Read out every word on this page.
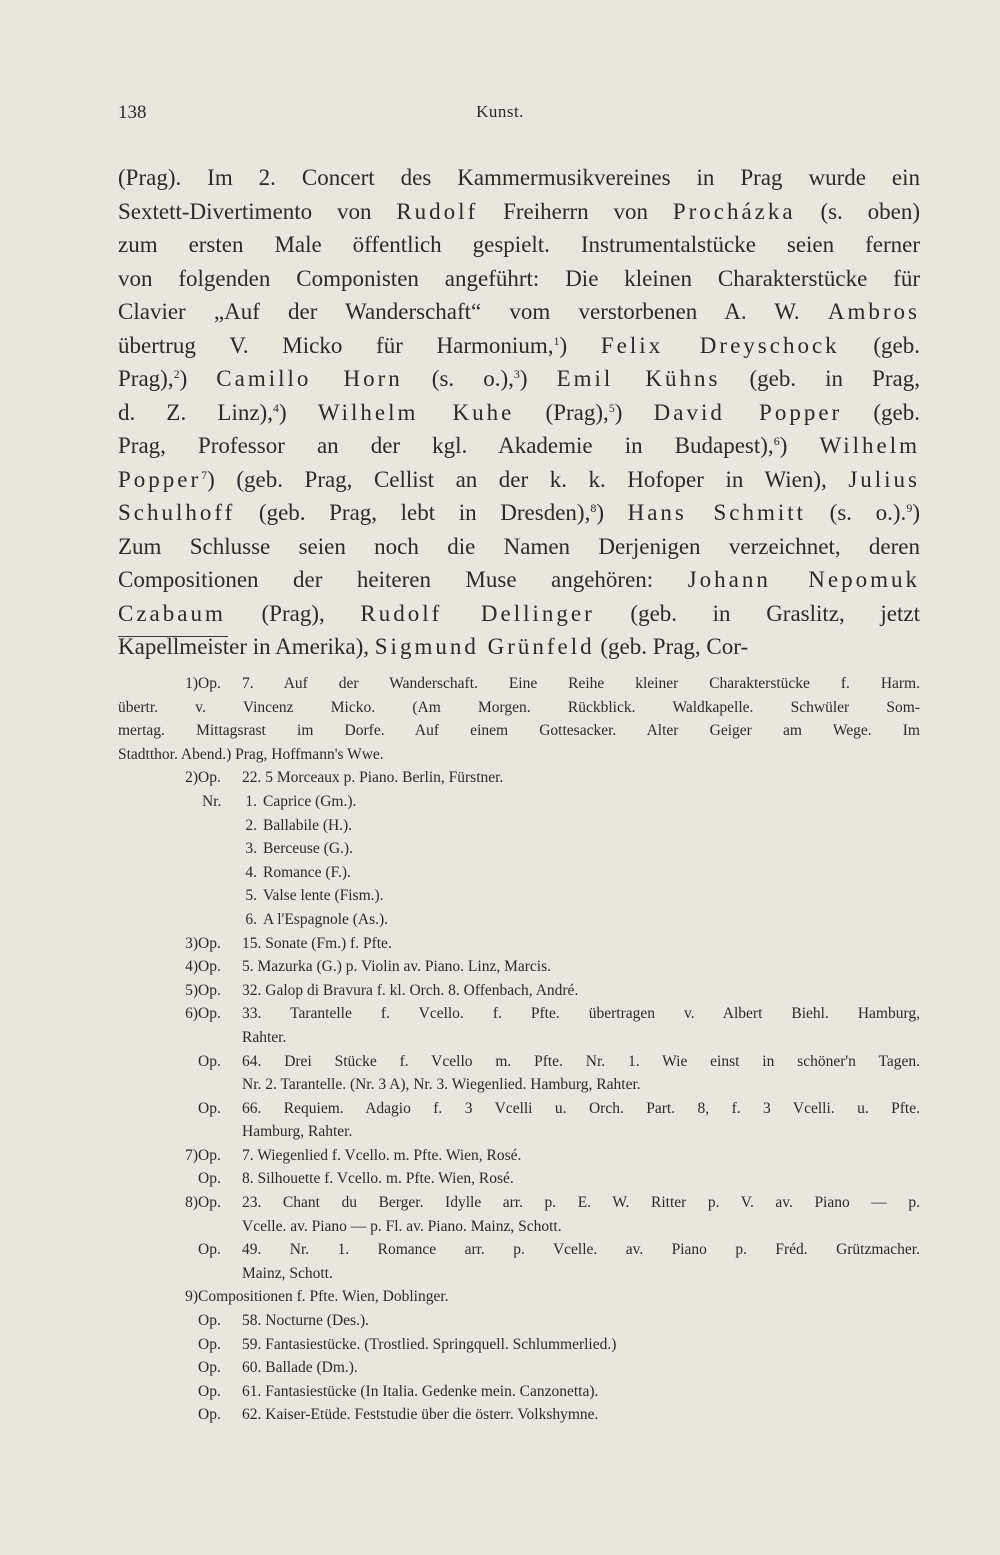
138	Kunst.
(Prag). Im 2. Concert des Kammermusikvereines in Prag wurde ein
Sextett-Divertimento von Rudolf Freiherrn von Procházka (s. oben)
zum ersten Male öffentlich gespielt. Instrumentalstücke seien ferner
von folgenden Componisten angeführt: Die kleinen Charakterstücke für
Clavier „Auf der Wanderschaft“ vom verstorbenen A. W. Ambros
übertrug V. Micko für Harmonium,$^1$) Felix Dreyschock (geb.
Prag),$^2$) Camillo Horn (s. o.),$^3$) Emil Kühns (geb. in Prag,
d. Z. Linz),$^4$) Wilhelm Kuhe (Prag),$^5$) David Popper (geb.
Prag, Professor an der kgl. Akademie in Budapest),$^6$) Wilhelm
Popper$^7$) (geb. Prag, Cellist an der k. k. Hofoper in Wien), Julius
Schulhoff (geb. Prag, lebt in Dresden),$^8$) Hans Schmitt (s. o.).$^9$)
Zum Schlusse seien noch die Namen Derjenigen verzeichnet, deren
Compositionen der heiteren Muse angehören: Johann Nepomuk
Czabaum (Prag), Rudolf Dellinger (geb. in Graslitz, jetzt
Kapellmeister in Amerika), Sigmund Grünfeld (geb. Prag, Cor-
1) Op. 7. Auf der Wanderschaft. Eine Reihe kleiner Charakterstücke f. Harm.
übertr. v. Vincenz Micko. (Am Morgen. Rückblick. Waldkapelle. Schwüler Som-
mertag. Mittagsrast im Dorfe. Auf einem Gottesacker. Alter Geiger am Wege. Im
Stadtthor. Abend.) Prag, Hoffmann's Wwe.
2) Op. 22. 5 Morceaux p. Piano. Berlin, Fürstner.
Nr.	1. Caprice (Gm.).
2. Ballabile (H.).
3. Berceuse (G.).
4. Romance (F.).
5. Valse lente (Fism.).
6. A l'Espagnole (As.).
3) Op. 15. Sonate (Fm.) f. Pfte.
4) Op. 5. Mazurka (G.) p. Violin av. Piano. Linz, Marcis.
5) Op. 32. Galop di Bravura f. kl. Orch. 8. Offenbach, André.
6) Op. 33. Tarantelle f. Vcello. f. Pfte. übertragen v. Albert Biehl. Hamburg,
Rahter.
Op. 64. Drei Stücke f. Vcello m. Pfte. Nr. 1. Wie einst in schöner'n Tagen.
Nr. 2. Tarantelle. (Nr. 3 A), Nr. 3. Wiegenlied. Hamburg, Rahter.
Op. 66. Requiem. Adagio f. 3 Vcelli u. Orch. Part. 8, f. 3 Vcelli. u. Pfte.
Hamburg, Rahter.
7) Op. 7. Wiegenlied f. Vcello. m. Pfte. Wien, Rosé.
Op. 8. Silhouette f. Vcello. m. Pfte. Wien, Rosé.
8) Op. 23. Chant du Berger. Idylle arr. p. E. W. Ritter p. V. av. Piano — p.
Vcelle. av. Piano — p. Fl. av. Piano. Mainz, Schott.
Op. 49. Nr. 1. Romance arr. p. Vcelle. av. Piano p. Fréd. Grützmacher.
Mainz, Schott.
9) Compositionen f. Pfte. Wien, Doblinger.
Op. 58. Nocturne (Des.).
Op. 59. Fantasiestücke. (Trostlied. Springquell. Schlummerlied.)
Op. 60. Ballade (Dm.).
Op. 61. Fantasiestücke (In Italia. Gedenke mein. Canzonetta).
Op. 62. Kaiser-Etüde. Feststudie über die österr. Volkshymne.
